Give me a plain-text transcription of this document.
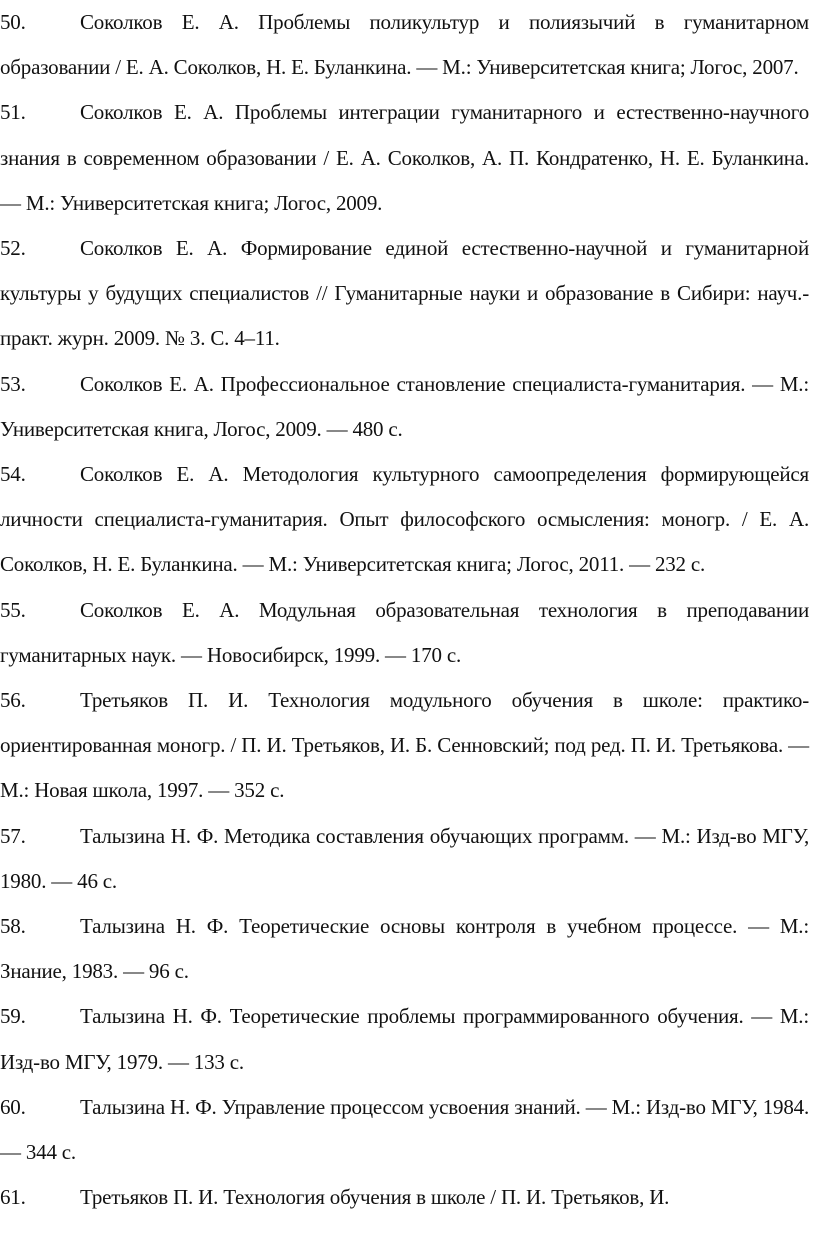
50.	Соколков Е. А. Проблемы поликультур и полиязычий в гуманитарном образовании / Е. А. Соколков, Н. Е. Буланкина. — М.: Университетская книга; Логос, 2007.

51.	Соколков Е. А. Проблемы интеграции гуманитарного и естественно-научного знания в современном образовании / Е. А. Соколков, А. П. Кондратенко, Н. Е. Буланкина. — М.: Университетская книга; Логос, 2009.

52.	Соколков Е. А. Формирование единой естественно-научной и гуманитарной культуры у будущих специалистов // Гуманитарные науки и образование в Сибири: науч.-практ. журн. 2009. № 3. С. 4–11.

53.	Соколков Е. А. Профессиональное становление специалиста-гуманитария. — М.: Университетская книга, Логос, 2009. — 480 с.

54.	Соколков Е. А. Методология культурного самоопределения формирующейся личности специалиста-гуманитария. Опыт философского осмысления: моногр. / Е. А. Соколков, Н. Е. Буланкина. — М.: Университетская книга; Логос, 2011. — 232 с.

55.	Соколков Е. А. Модульная образовательная технология в преподавании гуманитарных наук. — Новосибирск, 1999. — 170 с.

56.	Третьяков П. И. Технология модульного обучения в школе: практико-ориентированная моногр. / П. И. Третьяков, И. Б. Сенновский; под ред. П. И. Третьякова. — М.: Новая школа, 1997. — 352 с.

57.	Талызина Н. Ф. Методика составления обучающих программ. — М.: Изд-во МГУ, 1980. — 46 с.

58.	Талызина Н. Ф. Теоретические основы контроля в учебном процессе. — М.: Знание, 1983. — 96 с.

59.	Талызина Н. Ф. Теоретические проблемы программированного обучения. — М.: Изд-во МГУ, 1979. — 133 с.

60.	Талызина Н. Ф. Управление процессом усвоения знаний. — М.: Изд-во МГУ, 1984. — 344 с.

61.	Третьяков П. И. Технология обучения в школе / П. И. Третьяков, И.
